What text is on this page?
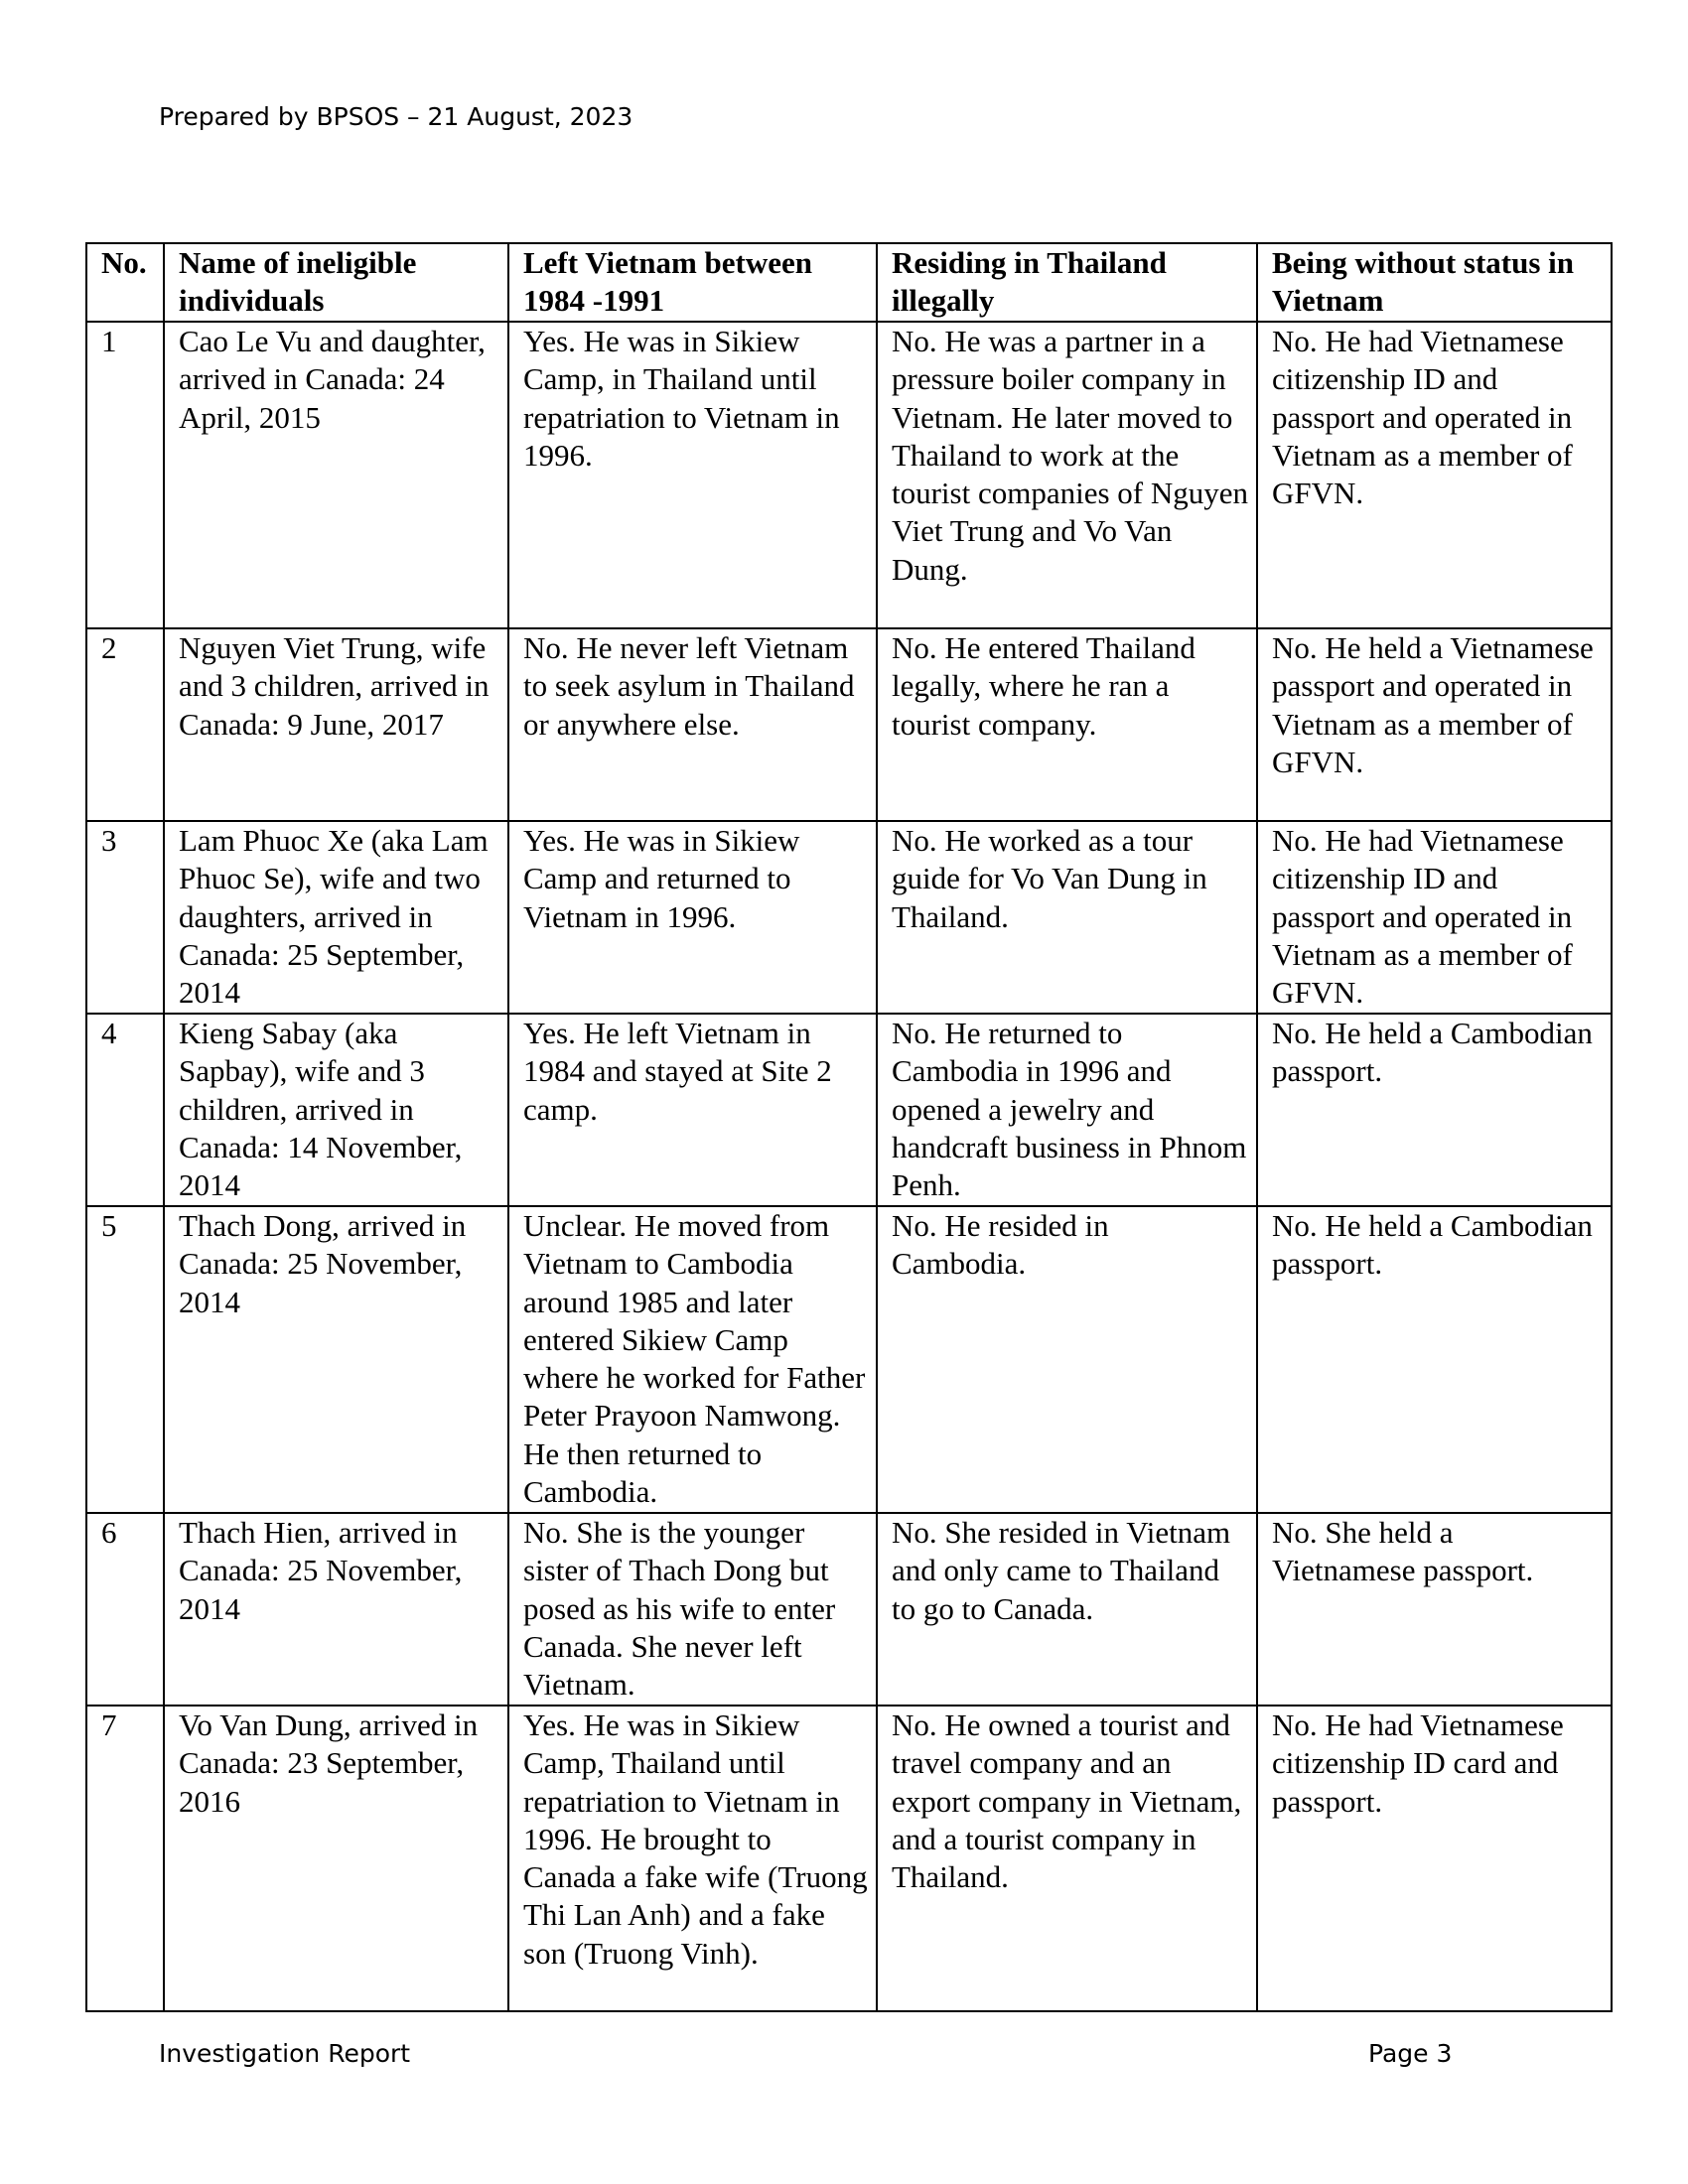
Prepared by BPSOS – 21 August, 2023
No.	Name of ineligible individuals	Left Vietnam between 1984 -1991	Residing in Thailand illegally	Being without status in Vietnam
1	Cao Le Vu and daughter, arrived in Canada: 24 April, 2015	Yes. He was in Sikiew Camp, in Thailand until repatriation to Vietnam in 1996.	No. He was a partner in a pressure boiler company in Vietnam. He later moved to Thailand to work at the tourist companies of Nguyen Viet Trung and Vo Van Dung.	No. He had Vietnamese citizenship ID and passport and operated in Vietnam as a member of GFVN.
2	Nguyen Viet Trung, wife and 3 children, arrived in Canada: 9 June, 2017	No. He never left Vietnam to seek asylum in Thailand or anywhere else.	No. He entered Thailand legally, where he ran a tourist company.	No. He held a Vietnamese passport and operated in Vietnam as a member of GFVN.
3	Lam Phuoc Xe (aka Lam Phuoc Se), wife and two daughters, arrived in Canada: 25 September, 2014	Yes. He was in Sikiew Camp and returned to Vietnam in 1996.	No. He worked as a tour guide for Vo Van Dung in Thailand.	No. He had Vietnamese citizenship ID and passport and operated in Vietnam as a member of GFVN.
4	Kieng Sabay (aka Sapbay), wife and 3 children, arrived in Canada: 14 November, 2014	Yes. He left Vietnam in 1984 and stayed at Site 2 camp.	No. He returned to Cambodia in 1996 and opened a jewelry and handcraft business in Phnom Penh.	No. He held a Cambodian passport.
5	Thach Dong, arrived in Canada: 25 November, 2014	Unclear. He moved from Vietnam to Cambodia around 1985 and later entered Sikiew Camp where he worked for Father Peter Prayoon Namwong. He then returned to Cambodia.	No. He resided in Cambodia.	No. He held a Cambodian passport.
6	Thach Hien, arrived in Canada: 25 November, 2014	No. She is the younger sister of Thach Dong but posed as his wife to enter Canada. She never left Vietnam.	No. She resided in Vietnam and only came to Thailand to go to Canada.	No. She held a Vietnamese passport.
7	Vo Van Dung, arrived in Canada: 23 September, 2016	Yes. He was in Sikiew Camp, Thailand until repatriation to Vietnam in 1996. He brought to Canada a fake wife (Truong Thi Lan Anh) and a fake son (Truong Vinh).	No. He owned a tourist and travel company and an export company in Vietnam, and a tourist company in Thailand.	No. He had Vietnamese citizenship ID card and passport.
Investigation Report	Page 3
